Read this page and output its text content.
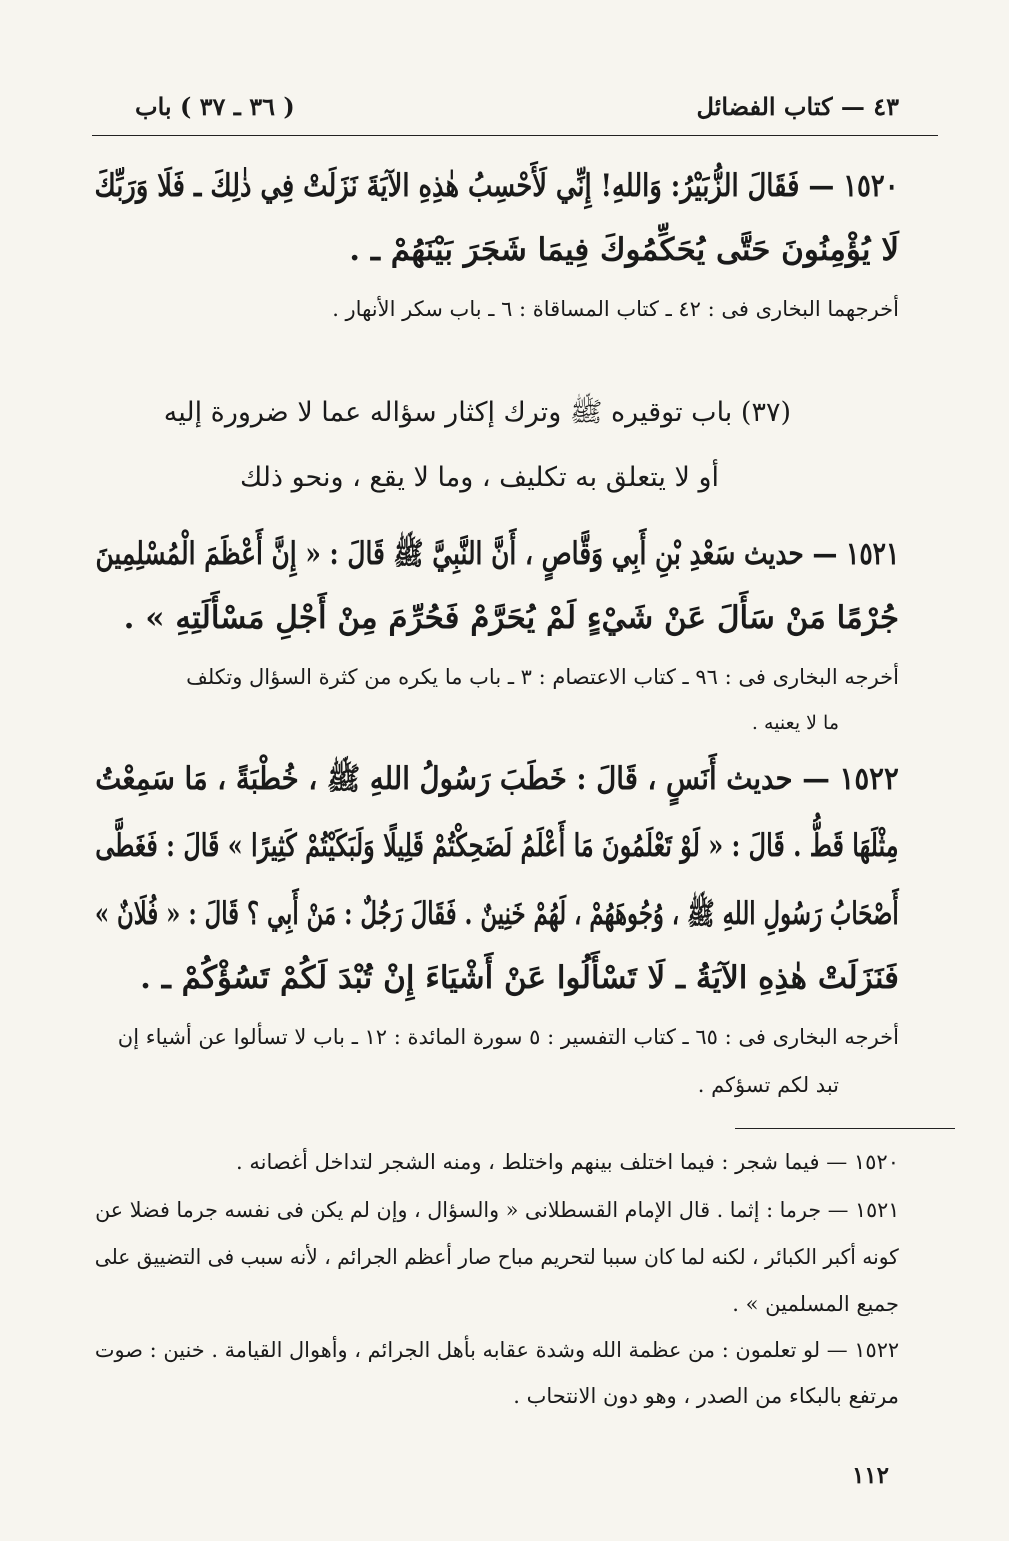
٤٣ — كتاب الفضائل
( ٣٦ ـ ٣٧ ) باب
١٥٢٠ — فَقَالَ الزُّبَيْرُ: وَاللهِ! إِنِّي لَأَحْسِبُ هٰذِهِ الآيَةَ نَزَلَتْ فِي ذٰلِكَ ـ فَلَا وَرَبِّكَ
لَا يُؤْمِنُونَ حَتَّى يُحَكِّمُوكَ فِيمَا شَجَرَ بَيْنَهُمْ ـ .
أخرجهما البخارى فى : ٤٢ ـ كتاب المساقاة : ٦ ـ باب سكر الأنهار .
(٣٧) باب توقيره ﷺ وترك إكثار سؤاله عما لا ضرورة إليه
أو لا يتعلق به تكليف ، وما لا يقع ، ونحو ذلك
١٥٢١ — حديث سَعْدِ بْنِ أَبِي وَقَّاصٍ ، أَنَّ النَّبِيَّ ﷺ قَالَ : « إِنَّ أَعْظَمَ الْمُسْلِمِينَ
جُرْمًا مَنْ سَأَلَ عَنْ شَيْءٍ لَمْ يُحَرَّمْ فَحُرِّمَ مِنْ أَجْلِ مَسْأَلَتِهِ » .
أخرجه البخارى فى : ٩٦ ـ كتاب الاعتصام : ٣ ـ باب ما يكره من كثرة السؤال وتكلف
ما لا يعنيه .
١٥٢٢ — حديث أَنَسٍ ، قَالَ : خَطَبَ رَسُولُ اللهِ ﷺ ، خُطْبَةً ، مَا سَمِعْتُ
مِثْلَهَا قَطُّ . قَالَ : « لَوْ تَعْلَمُونَ مَا أَعْلَمُ لَضَحِكْتُمْ قَلِيلًا وَلَبَكَيْتُمْ كَثِيرًا » قَالَ : فَغَطَّى
أَصْحَابُ رَسُولِ اللهِ ﷺ ، وُجُوهَهُمْ ، لَهُمْ خَنِينٌ . فَقَالَ رَجُلٌ : مَنْ أَبِي ؟ قَالَ : « فُلَانٌ »
فَنَزَلَتْ هٰذِهِ الآيَةُ ـ لَا تَسْأَلُوا عَنْ أَشْيَاءَ إِنْ تُبْدَ لَكُمْ تَسُؤْكُمْ ـ .
أخرجه البخارى فى : ٦٥ ـ كتاب التفسير : ٥ سورة المائدة : ١٢ ـ باب لا تسألوا عن أشياء إن
تبد لكم تسؤكم .
١٥٢٠ — فيما شجر : فيما اختلف بينهم واختلط ، ومنه الشجر لتداخل أغصانه .
١٥٢١ — جرما : إثما . قال الإمام القسطلانى « والسؤال ، وإن لم يكن فى نفسه جرما فضلا عن
كونه أكبر الكبائر ، لكنه لما كان سببا لتحريم مباح صار أعظم الجرائم ، لأنه سبب فى التضييق على
جميع المسلمين » .
١٥٢٢ — لو تعلمون : من عظمة الله وشدة عقابه بأهل الجرائم ، وأهوال القيامة . خنين : صوت
مرتفع بالبكاء من الصدر ، وهو دون الانتحاب .
١١٢
